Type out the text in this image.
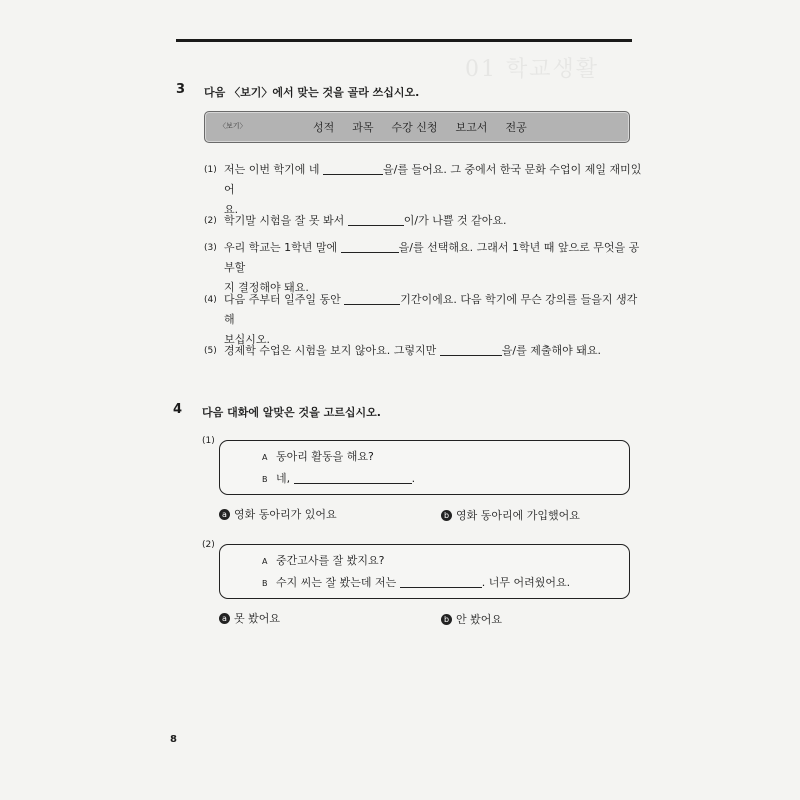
01 학교생활
3 다음 〈보기〉에서 맞는 것을 골라 쓰십시오.
〈보기〉	성적 과목 수강 신청 보고서 전공
(1) 저는 이번 학기에 네	을/를 들어요. 그 중에서 한국 문화 수업이 제일 재미있어
요.
(2) 학기말 시험을 잘 못 봐서	이/가 나쁠 것 같아요.
(3) 우리 학교는 1학년 말에	을/를 선택해요. 그래서 1학년 때 앞으로 무엇을 공부할
지 결정해야 돼요.
(4) 다음 주부터 일주일 동안	기간이에요. 다음 학기에 무슨 강의를 들을지 생각해
보십시오.
(5) 경제학 수업은 시험을 보지 않아요. 그렇지만	을/를 제출해야 돼요.
4 다음 대화에 알맞은 것을 고르십시오.
(1)
A 동아리 활동을 해요?
B 네,	.
a 영화 동아리가 있어요	b 영화 동아리에 가입했어요
(2)
A 중간고사를 잘 봤지요?
B 수지 씨는 잘 봤는데 저는	. 너무 어려웠어요.
a 못 봤어요	b 안 봤어요
8
